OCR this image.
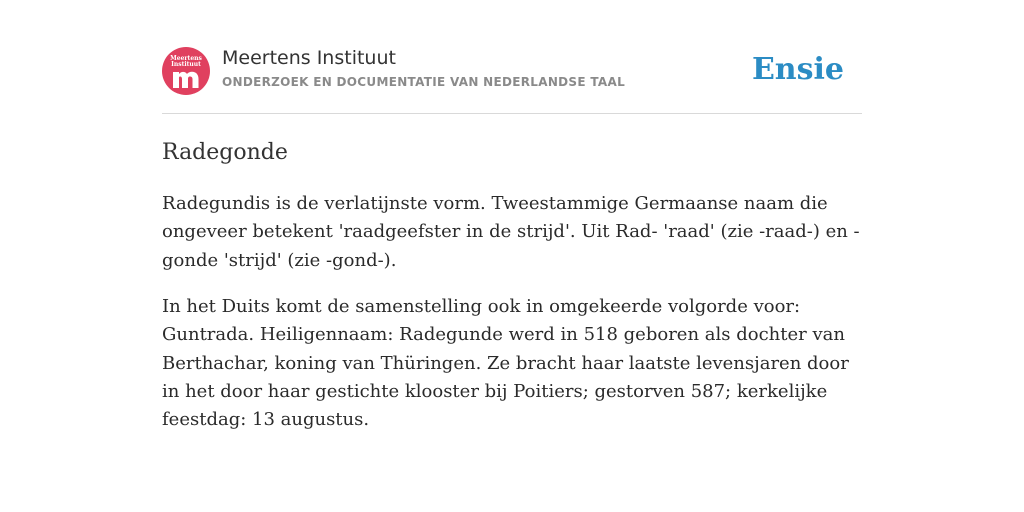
Meertens
Instituut	Meertens Instituut
ONDERZOEK EN DOCUMENTATIE VAN NEDERLANDSE TAAL	Ensie
Radegonde

Radegundis is de verlatijnste vorm. Tweestammige Germaanse naam die ongeveer betekent 'raadgeefster in de strijd'. Uit Rad- 'raad' (zie -raad-) en -gonde 'strijd' (zie -gond-).

In het Duits komt de samenstelling ook in omgekeerde volgorde voor: Guntrada. Heiligennaam: Radegunde werd in 518 geboren als dochter van Berthachar, koning van Thüringen. Ze bracht haar laatste levensjaren door in het door haar gestichte klooster bij Poitiers; gestorven 587; kerkelijke feestdag: 13 augustus.
